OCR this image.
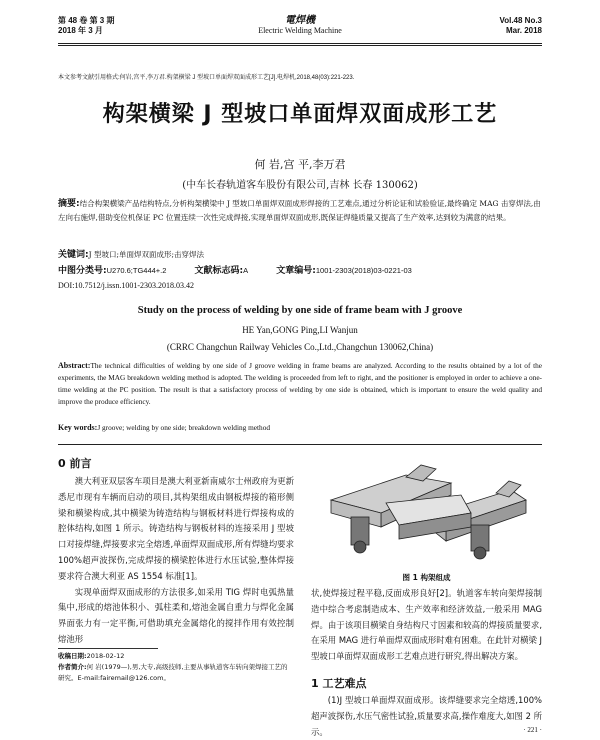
第 48 卷 第 3 期
2018 年 3 月
電焊機
Electric Welding Machine
Vol.48 No.3
Mar. 2018
本文参考文献引用格式:何岩,宫平,李万君.构架横梁 J 型坡口单面焊双面成形工艺[J].电焊机,2018,48(03):221-223.
构架横梁 J 型坡口单面焊双面成形工艺
何 岩,宫 平,李万君
(中车长春轨道客车股份有限公司,吉林 长春 130062)
摘要:结合构架横梁产品结构特点,分析构架横梁中 J 型坡口单面焊双面成形焊接的工艺难点,通过分析论证和试验验证,最终确定 MAG 击穿焊法,由左向右施焊,借助变位机保证 PC 位置连续一次性完成焊接,实现单面焊双面成形,既保证焊缝质量又提高了生产效率,达到较为满意的结果。
关键词:J 型坡口;单面焊双面成形;击穿焊法
中图分类号:U270.6;TG444+.2	文献标志码:A	文章编号:1001-2303(2018)03-0221-03
DOI:10.7512/j.issn.1001-2303.2018.03.42
Study on the process of welding by one side of frame beam with J groove
HE Yan,GONG Ping,LI Wanjun
(CRRC Changchun Railway Vehicles Co.,Ltd.,Changchun 130062,China)
Abstract:The technical difficulties of welding by one side of J groove welding in frame beams are analyzed. According to the results obtained by a lot of the experiments, the MAG breakdown welding method is adopted. The welding is proceeded from left to right, and the positioner is employed in order to achieve a one-time welding at the PC position. The result is that a satisfactory process of welding by one side is obtained, which is important to ensure the weld quality and improve the produce efficiency.
Key words:J groove; welding by one side; breakdown welding method
0 前言

澳大利亚双层客车项目是澳大利亚新南威尔士州政府为更新悉尼市现有车辆而启动的项目,其构架组成由钢板焊接的箱形侧梁和横梁构成,其中横梁为铸造结构与钢板材料进行焊接构成的腔体结构,如图 1 所示。铸造结构与钢板材料的连接采用 J 型坡口对接焊缝,焊接要求完全熔透,单面焊双面成形,所有焊缝均要求 100%超声波探伤,完成焊接的横梁腔体进行水压试验,整体焊接要求符合澳大利亚 AS 1554 标准[1]。

实现单面焊双面成形的方法很多,如采用 TIG 焊时电弧热量集中,形成的熔池体积小、弧柱柔和,熔池金属自重力与焊化金属界面张力有一定平衡,可借助填充金属熔化的搅拌作用有效控制熔池形

收稿日期:2018-02-12
作者简介:何 岩(1979—),男,大专,高级技师,主要从事轨道客车转向架焊接工艺的研究。E-mail:fairemail@126.com。
图 1 构架组成

状,使焊接过程平稳,反面成形良好[2]。轨道客车转向架焊接制造中综合考虑制造成本、生产效率和经济效益,一般采用 MAG 焊。由于该项目横梁自身结构尺寸因素和较高的焊接质量要求,在采用 MAG 进行单面焊双面成形时难有困难。在此针对横梁 J 型坡口单面焊双面成形工艺难点进行研究,得出解决方案。

1 工艺难点

(1)J 型坡口单面焊双面成形。该焊缝要求完全熔透,100%超声波探伤,水压气密性试验,质量要求高,操作难度大,如图 2 所示。	· 221 ·
